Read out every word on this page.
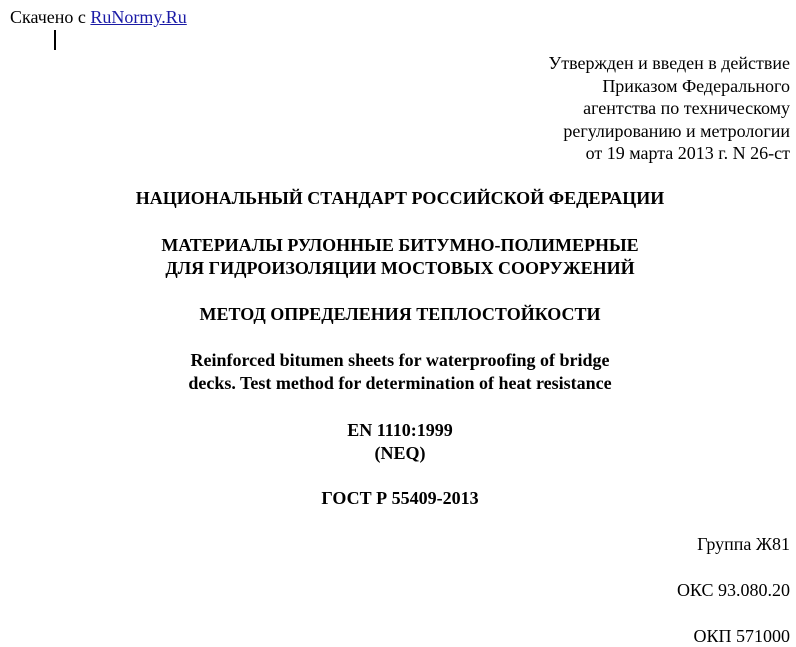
Скачено с RuNormy.Ru
Утвержден и введен в действие
Приказом Федерального
агентства по техническому
регулированию и метрологии
от 19 марта 2013 г. N 26-ст
НАЦИОНАЛЬНЫЙ СТАНДАРТ РОССИЙСКОЙ ФЕДЕРАЦИИ
МАТЕРИАЛЫ РУЛОННЫЕ БИТУМНО-ПОЛИМЕРНЫЕ
ДЛЯ ГИДРОИЗОЛЯЦИИ МОСТОВЫХ СООРУЖЕНИЙ
МЕТОД ОПРЕДЕЛЕНИЯ ТЕПЛОСТОЙКОСТИ
Reinforced bitumen sheets for waterproofing of bridge
decks. Test method for determination of heat resistance
EN 1110:1999
(NEQ)
ГОСТ Р 55409-2013
Группа Ж81
ОКС 93.080.20
ОКП 571000
